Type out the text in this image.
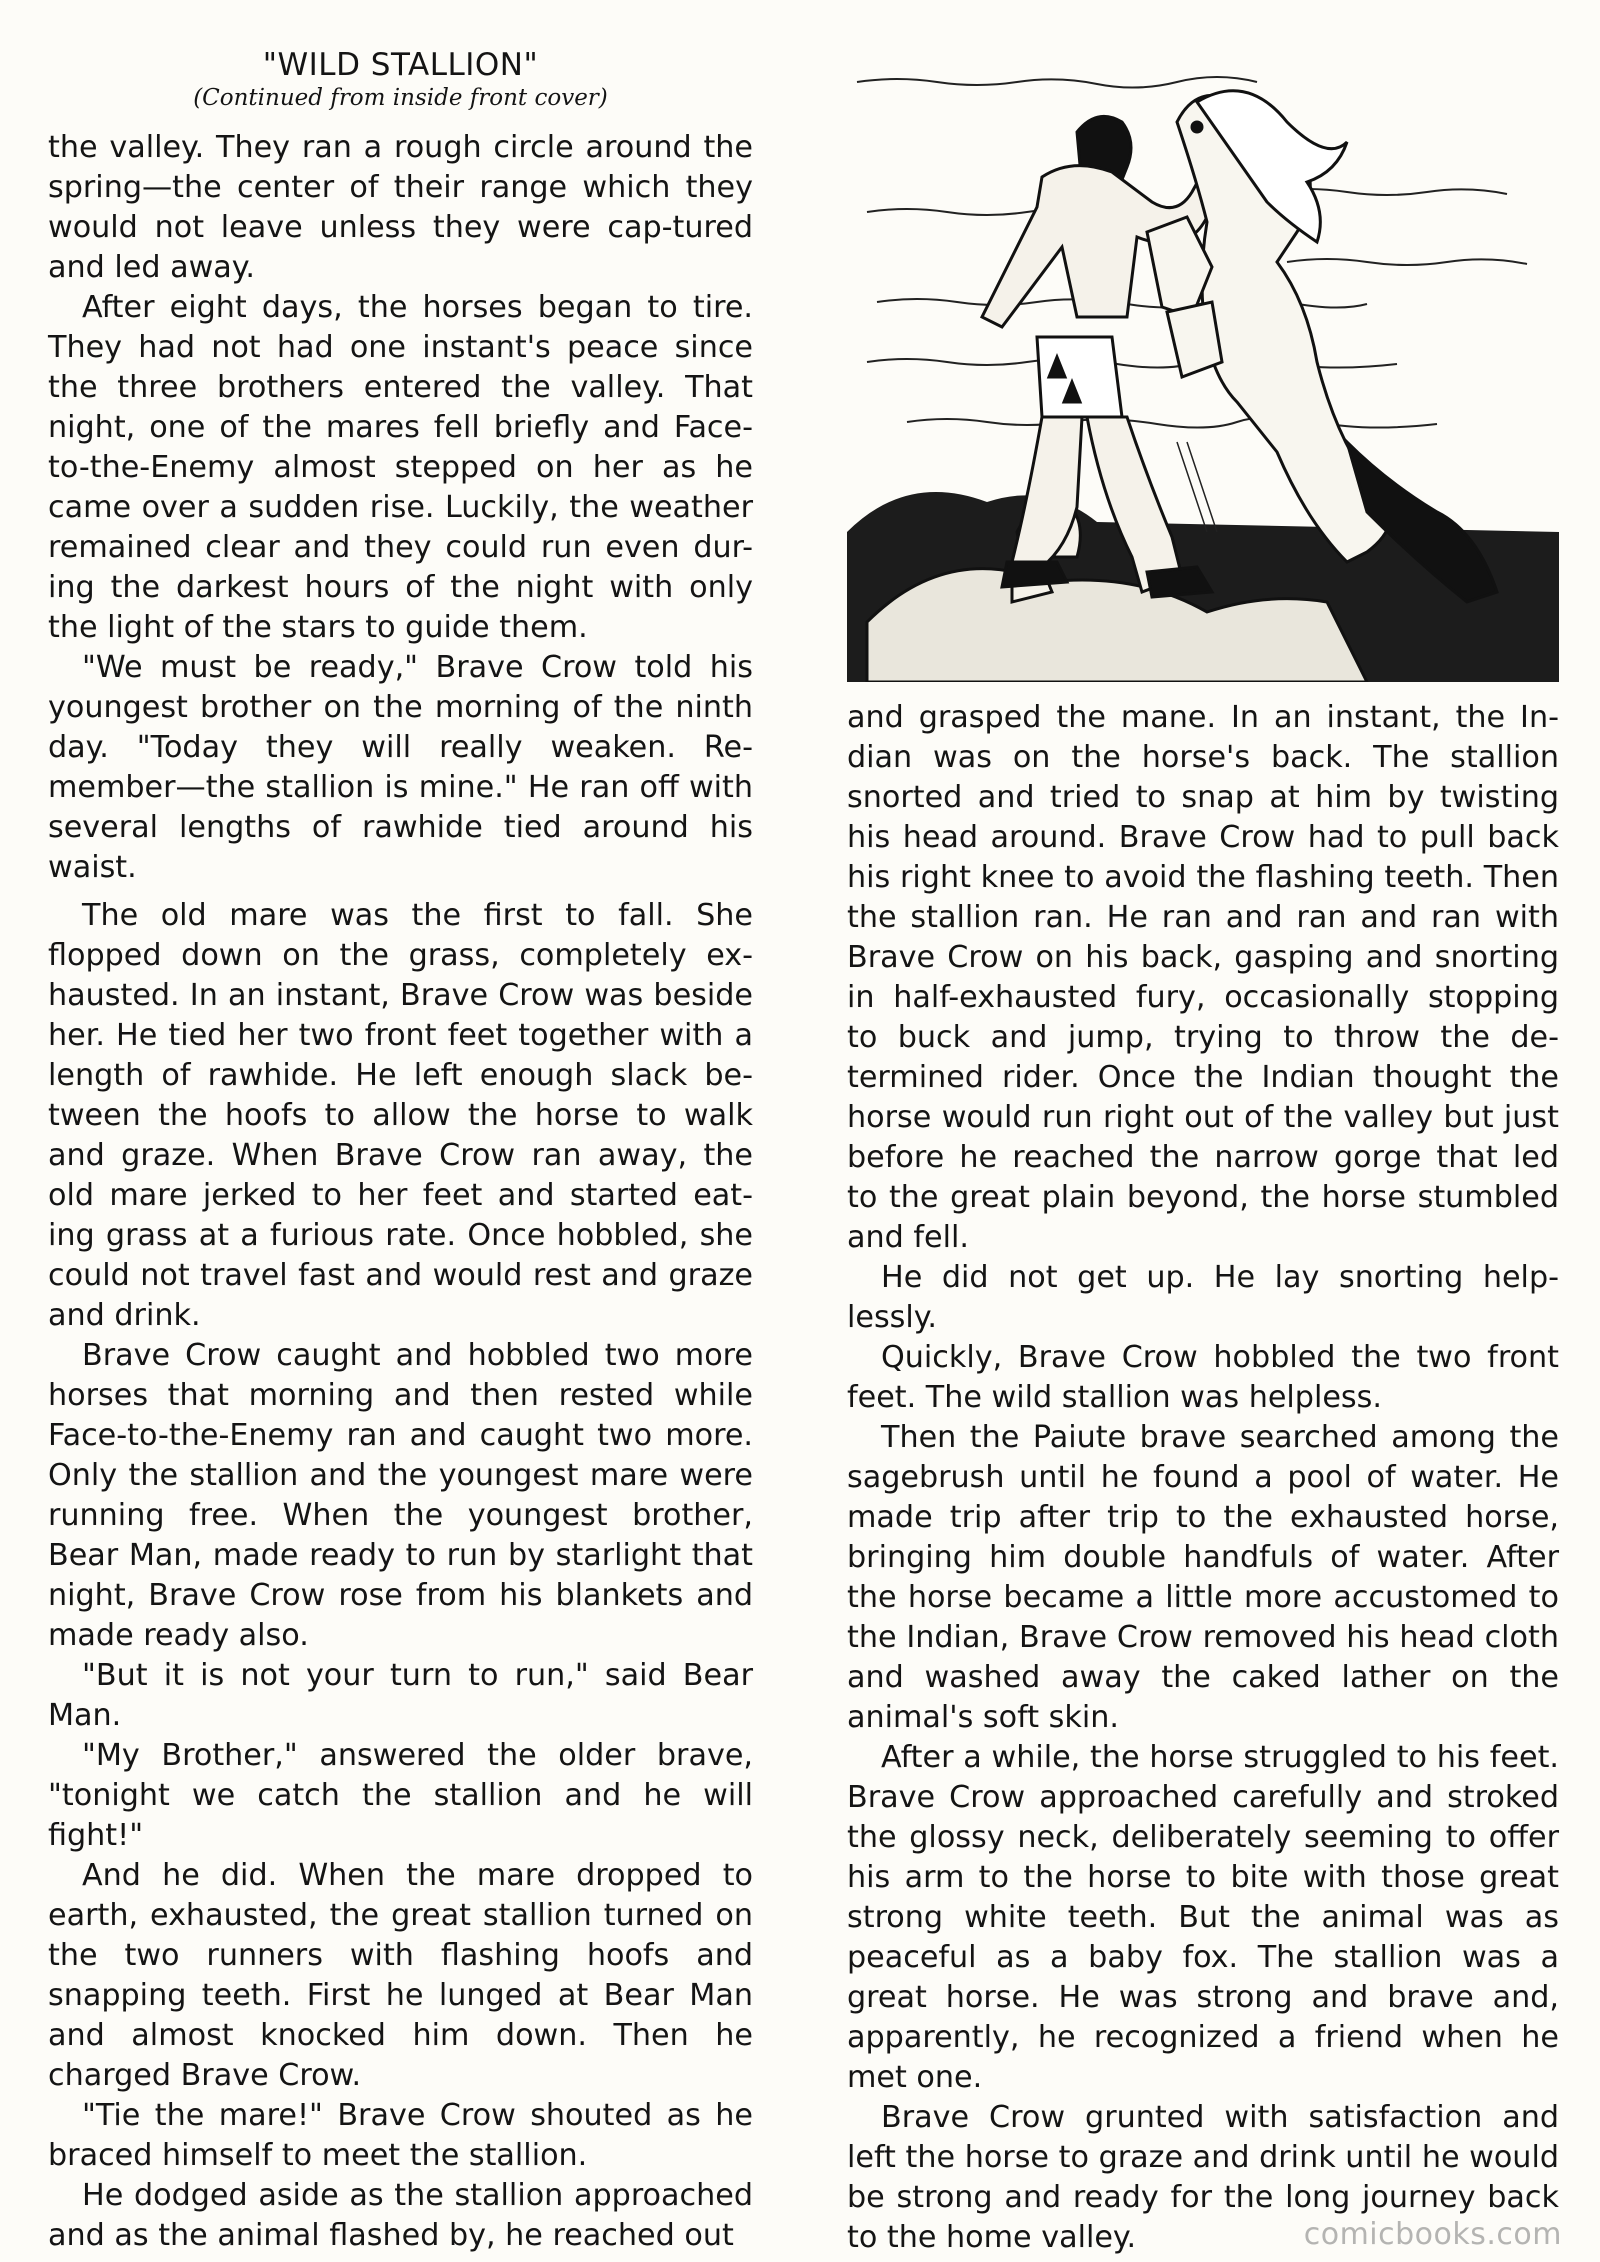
"WILD STALLION"
(Continued from inside front cover)

the valley. They ran a rough circle around the spring—the center of their range which they would not leave unless they were cap-tured and led away.

After eight days, the horses began to tire. They had not had one instant's peace since the three brothers entered the valley. That night, one of the mares fell briefly and Face-to-the-Enemy almost stepped on her as he came over a sudden rise. Luckily, the weather remained clear and they could run even dur-ing the darkest hours of the night with only the light of the stars to guide them.

"We must be ready," Brave Crow told his youngest brother on the morning of the ninth day. "Today they will really weaken. Re-member—the stallion is mine." He ran off with several lengths of rawhide tied around his waist.

The old mare was the first to fall. She flopped down on the grass, completely ex-hausted. In an instant, Brave Crow was beside her. He tied her two front feet together with a length of rawhide. He left enough slack be-tween the hoofs to allow the horse to walk and graze. When Brave Crow ran away, the old mare jerked to her feet and started eat-ing grass at a furious rate. Once hobbled, she could not travel fast and would rest and graze and drink.

Brave Crow caught and hobbled two more horses that morning and then rested while Face-to-the-Enemy ran and caught two more. Only the stallion and the youngest mare were running free. When the youngest brother, Bear Man, made ready to run by starlight that night, Brave Crow rose from his blankets and made ready also.

"But it is not your turn to run," said Bear Man.

"My Brother," answered the older brave, "tonight we catch the stallion and he will fight!"

And he did. When the mare dropped to earth, exhausted, the great stallion turned on the two runners with flashing hoofs and snapping teeth. First he lunged at Bear Man and almost knocked him down. Then he charged Brave Crow.

"Tie the mare!" Brave Crow shouted as he braced himself to meet the stallion.

He dodged aside as the stallion approached and as the animal flashed by, he reached out

and grasped the mane. In an instant, the In-dian was on the horse's back. The stallion snorted and tried to snap at him by twisting his head around. Brave Crow had to pull back his right knee to avoid the flashing teeth. Then the stallion ran. He ran and ran and ran with Brave Crow on his back, gasping and snorting in half-exhausted fury, occasionally stopping to buck and jump, trying to throw the de-termined rider. Once the Indian thought the horse would run right out of the valley but just before he reached the narrow gorge that led to the great plain beyond, the horse stumbled and fell.

He did not get up. He lay snorting help-lessly.

Quickly, Brave Crow hobbled the two front feet. The wild stallion was helpless.

Then the Paiute brave searched among the sagebrush until he found a pool of water. He made trip after trip to the exhausted horse, bringing him double handfuls of water. After the horse became a little more accustomed to the Indian, Brave Crow removed his head cloth and washed away the caked lather on the animal's soft skin.

After a while, the horse struggled to his feet. Brave Crow approached carefully and stroked the glossy neck, deliberately seeming to offer his arm to the horse to bite with those great strong white teeth. But the animal was as peaceful as a baby fox. The stallion was a great horse. He was strong and brave and, apparently, he recognized a friend when he met one.

Brave Crow grunted with satisfaction and left the horse to graze and drink until he would be strong and ready for the long journey back to the home valley.	comicbooks.com
